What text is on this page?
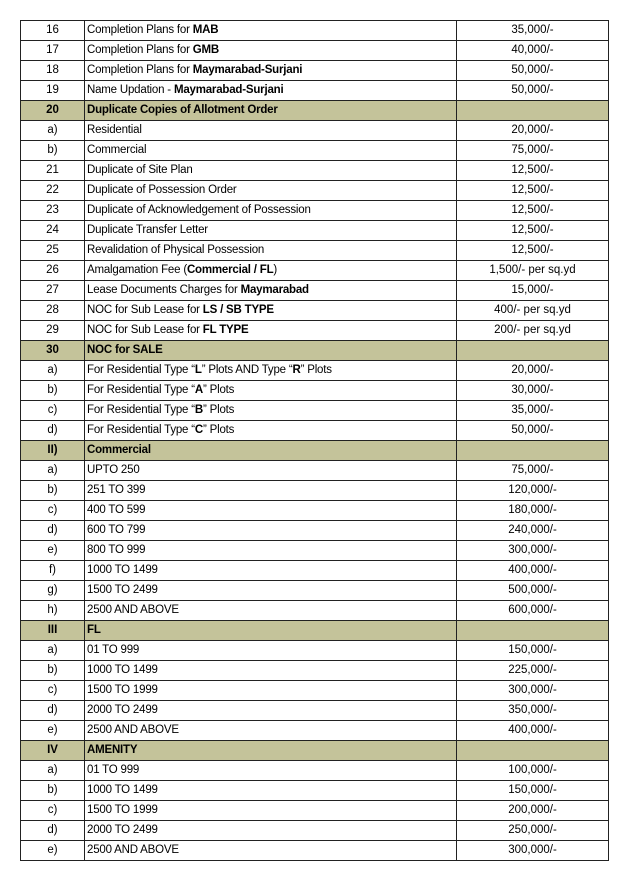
16	Completion Plans for MAB	35,000/-
17	Completion Plans for GMB	40,000/-
18	Completion Plans for Maymarabad-Surjani	50,000/-
19	Name Updation - Maymarabad-Surjani	50,000/-
20	Duplicate Copies of Allotment Order	
a)	Residential	20,000/-
b)	Commercial	75,000/-
21	Duplicate of Site Plan	12,500/-
22	Duplicate of Possession Order	12,500/-
23	Duplicate of Acknowledgement of Possession	12,500/-
24	Duplicate Transfer Letter	12,500/-
25	Revalidation of Physical Possession	12,500/-
26	Amalgamation Fee (Commercial / FL)	1,500/- per sq.yd
27	Lease Documents Charges for Maymarabad	15,000/-
28	NOC for Sub Lease for LS / SB TYPE	400/- per sq.yd
29	NOC for Sub Lease for FL TYPE	200/- per sq.yd
30	NOC for SALE	
a)	For Residential Type “L” Plots AND Type “R” Plots	20,000/-
b)	For Residential Type “A” Plots	30,000/-
c)	For Residential Type “B” Plots	35,000/-
d)	For Residential Type “C” Plots	50,000/-
II)	Commercial	
a)	UPTO 250	75,000/-
b)	251 TO 399	120,000/-
c)	400 TO 599	180,000/-
d)	600 TO 799	240,000/-
e)	800 TO 999	300,000/-
f)	1000 TO 1499	400,000/-
g)	1500 TO 2499	500,000/-
h)	2500 AND ABOVE	600,000/-
III	FL	
a)	01 TO 999	150,000/-
b)	1000 TO 1499	225,000/-
c)	1500 TO 1999	300,000/-
d)	2000 TO 2499	350,000/-
e)	2500 AND ABOVE	400,000/-
IV	AMENITY	
a)	01 TO 999	100,000/-
b)	1000 TO 1499	150,000/-
c)	1500 TO 1999	200,000/-
d)	2000 TO 2499	250,000/-
e)	2500 AND ABOVE	300,000/-
